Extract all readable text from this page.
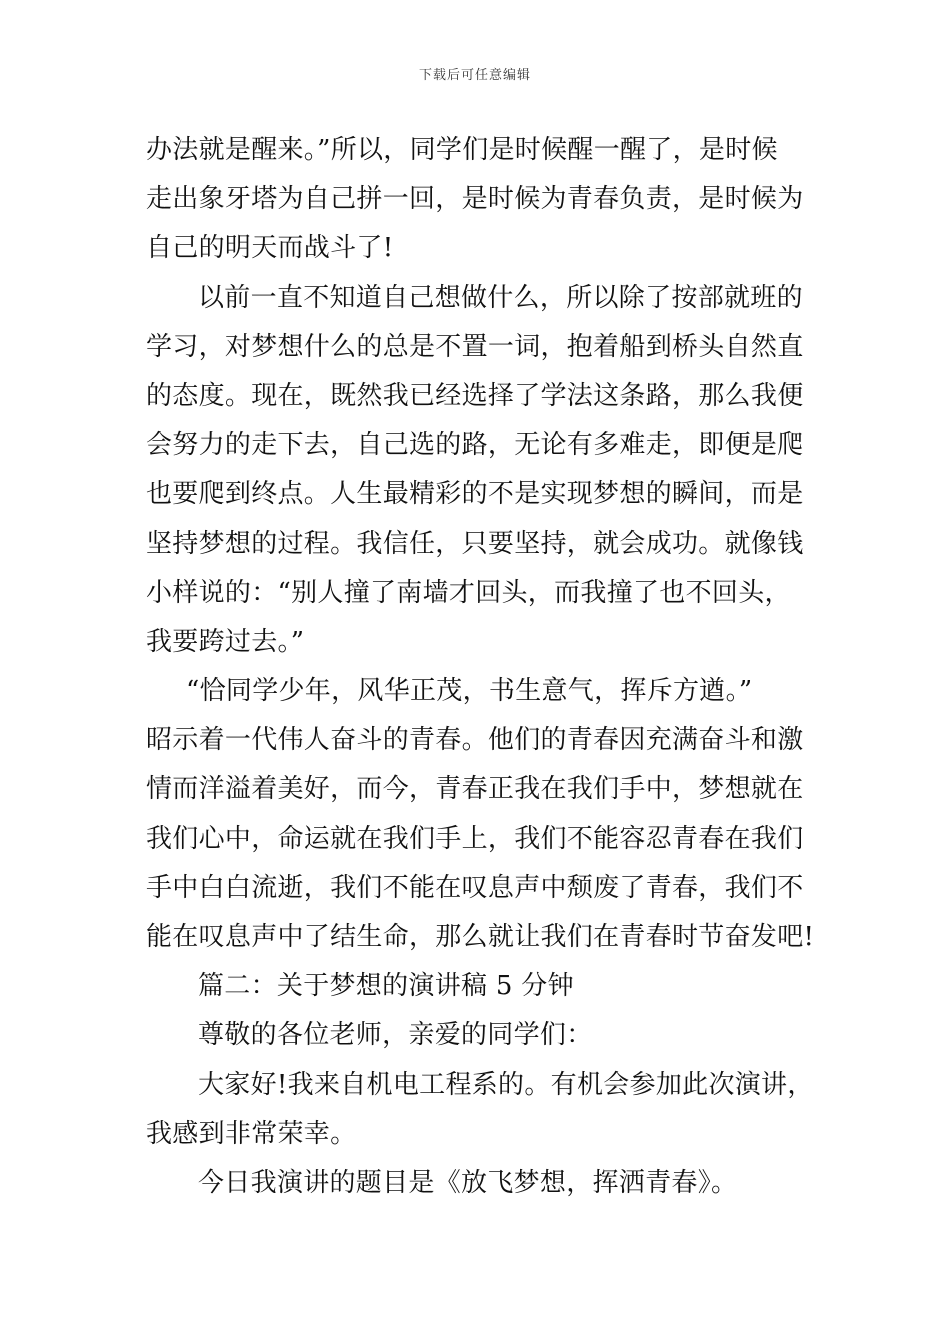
下载后可任意编辑
办法就是醒来。”所以，同学们是时候醒一醒了，是时候
走出象牙塔为自己拼一回，是时候为青春负责，是时候为
自己的明天而战斗了!
以前一直不知道自己想做什么，所以除了按部就班的
学习，对梦想什么的总是不置一词，抱着船到桥头自然直
的态度。现在，既然我已经选择了学法这条路，那么我便
会努力的走下去，自己选的路，无论有多难走，即便是爬
也要爬到终点。人生最精彩的不是实现梦想的瞬间，而是
坚持梦想的过程。我信任，只要坚持，就会成功。就像钱
小样说的：“别人撞了南墙才回头，而我撞了也不回头，
我要跨过去。”
“恰同学少年，风华正茂，书生意气，挥斥方遒。”
昭示着一代伟人奋斗的青春。他们的青春因充满奋斗和激
情而洋溢着美好，而今，青春正我在我们手中，梦想就在
我们心中，命运就在我们手上，我们不能容忍青春在我们
手中白白流逝，我们不能在叹息声中颓废了青春，我们不
能在叹息声中了结生命，那么就让我们在青春时节奋发吧!
篇二：关于梦想的演讲稿 5 分钟
尊敬的各位老师，亲爱的同学们：
大家好!我来自机电工程系的。有机会参加此次演讲，
我感到非常荣幸。
今日我演讲的题目是《放飞梦想，挥洒青春》。
